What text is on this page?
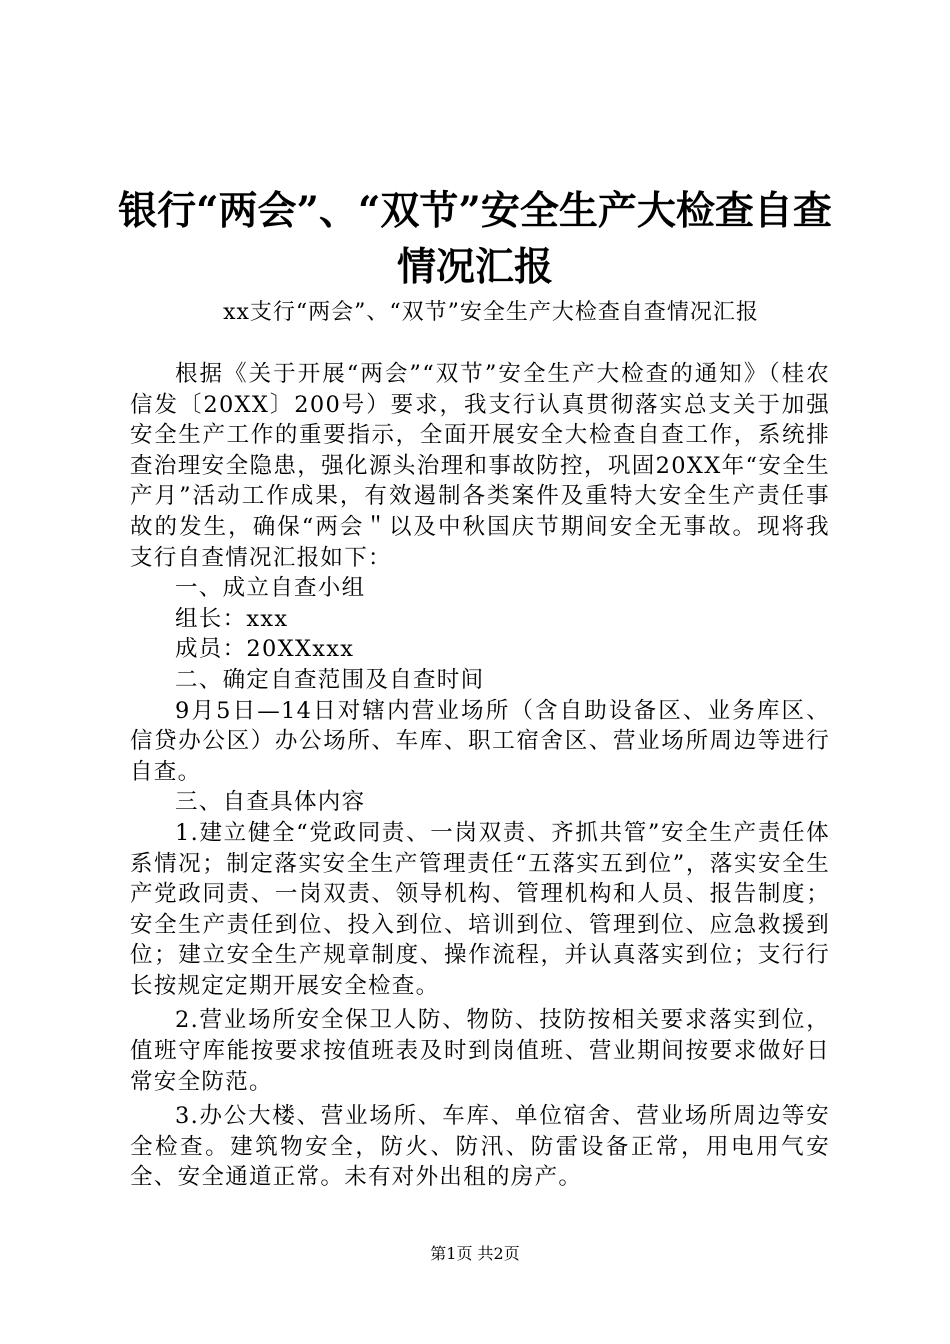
银行“两会”、“双节”安全生产大检查自查
情况汇报
xx支行“两会”、“双节”安全生产大检查自查情况汇报

根据《关于开展“两会”“双节”安全生产大检查的通知》（桂农信发〔20XX〕200号）要求，我支行认真贯彻落实总支关于加强安全生产工作的重要指示，全面开展安全大检查自查工作，系统排查治理安全隐患，强化源头治理和事故防控，巩固20XX年“安全生产月”活动工作成果，有效遏制各类案件及重特大安全生产责任事故的发生，确保“两会＂以及中秋国庆节期间安全无事故。现将我支行自查情况汇报如下：

一、成立自查小组

组长：xxx

成员：20XXxxx

二、确定自查范围及自查时间

9月5日—14日对辖内营业场所（含自助设备区、业务库区、信贷办公区）办公场所、车库、职工宿舍区、营业场所周边等进行自查。

三、自查具体内容

1.建立健全“党政同责、一岗双责、齐抓共管”安全生产责任体系情况；制定落实安全生产管理责任“五落实五到位”，落实安全生产党政同责、一岗双责、领导机构、管理机构和人员、报告制度；安全生产责任到位、投入到位、培训到位、管理到位、应急救援到位；建立安全生产规章制度、操作流程，并认真落实到位；支行行长按规定定期开展安全检查。

2.营业场所安全保卫人防、物防、技防按相关要求落实到位，值班守库能按要求按值班表及时到岗值班、营业期间按要求做好日常安全防范。

3.办公大楼、营业场所、车库、单位宿舍、营业场所周边等安全检查。建筑物安全，防火、防汛、防雷设备正常，用电用气安全、安全通道正常。未有对外出租的房产。

第1页 共2页
